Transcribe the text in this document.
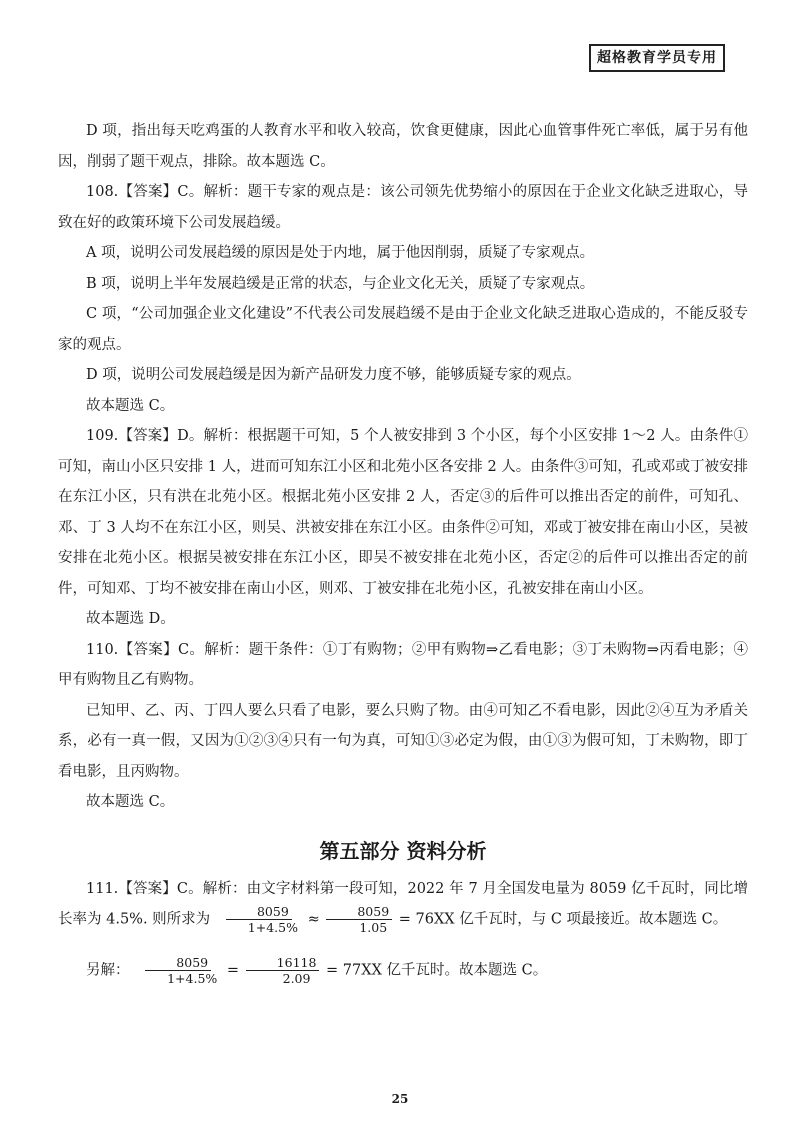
超格教育学员专用

D 项，指出每天吃鸡蛋的人教育水平和收入较高，饮食更健康，因此心血管事件死亡率低，属于另有他因，削弱了题干观点，排除。故本题选 C。

108.【答案】C。解析：题干专家的观点是：该公司领先优势缩小的原因在于企业文化缺乏进取心，导致在好的政策环境下公司发展趋缓。

A 项，说明公司发展趋缓的原因是处于内地，属于他因削弱，质疑了专家观点。

B 项，说明上半年发展趋缓是正常的状态，与企业文化无关，质疑了专家观点。

C 项，“公司加强企业文化建设”不代表公司发展趋缓不是由于企业文化缺乏进取心造成的，不能反驳专家的观点。

D 项，说明公司发展趋缓是因为新产品研发力度不够，能够质疑专家的观点。

故本题选 C。

109.【答案】D。解析：根据题干可知，5 个人被安排到 3 个小区，每个小区安排 1～2 人。由条件①可知，南山小区只安排 1 人，进而可知东江小区和北苑小区各安排 2 人。由条件③可知，孔或邓或丁被安排在东江小区，只有洪在北苑小区。根据北苑小区安排 2 人，否定③的后件可以推出否定的前件，可知孔、邓、丁 3 人均不在东江小区，则吴、洪被安排在东江小区。由条件②可知，邓或丁被安排在南山小区，吴被安排在北苑小区。根据吴被安排在东江小区，即吴不被安排在北苑小区，否定②的后件可以推出否定的前件，可知邓、丁均不被安排在南山小区，则邓、丁被安排在北苑小区，孔被安排在南山小区。

故本题选 D。

110.【答案】C。解析：题干条件：①丁有购物；②甲有购物⇒乙看电影；③丁未购物⇒丙看电影；④甲有购物且乙有购物。

已知甲、乙、丙、丁四人要么只看了电影，要么只购了物。由④可知乙不看电影，因此②④互为矛盾关系，必有一真一假，又因为①②③④只有一句为真，可知①③必定为假，由①③为假可知，丁未购物，即丁看电影，且丙购物。

故本题选 C。

第五部分 资料分析

111.【答案】C。解析：由文字材料第一段可知，2022 年 7 月全国发电量为 8059 亿千瓦时，同比增长率为 4.5%. 则所求为 $\frac{8059}{1+4.5\%} \approx \frac{8059}{1.05} = 76XX$ 亿千瓦时，与 C 项最接近。故本题选 C。

另解： $\frac{8059}{1+4.5\%} = \frac{16118}{2.09} = 77XX$ 亿千瓦时。故本题选 C。

25
